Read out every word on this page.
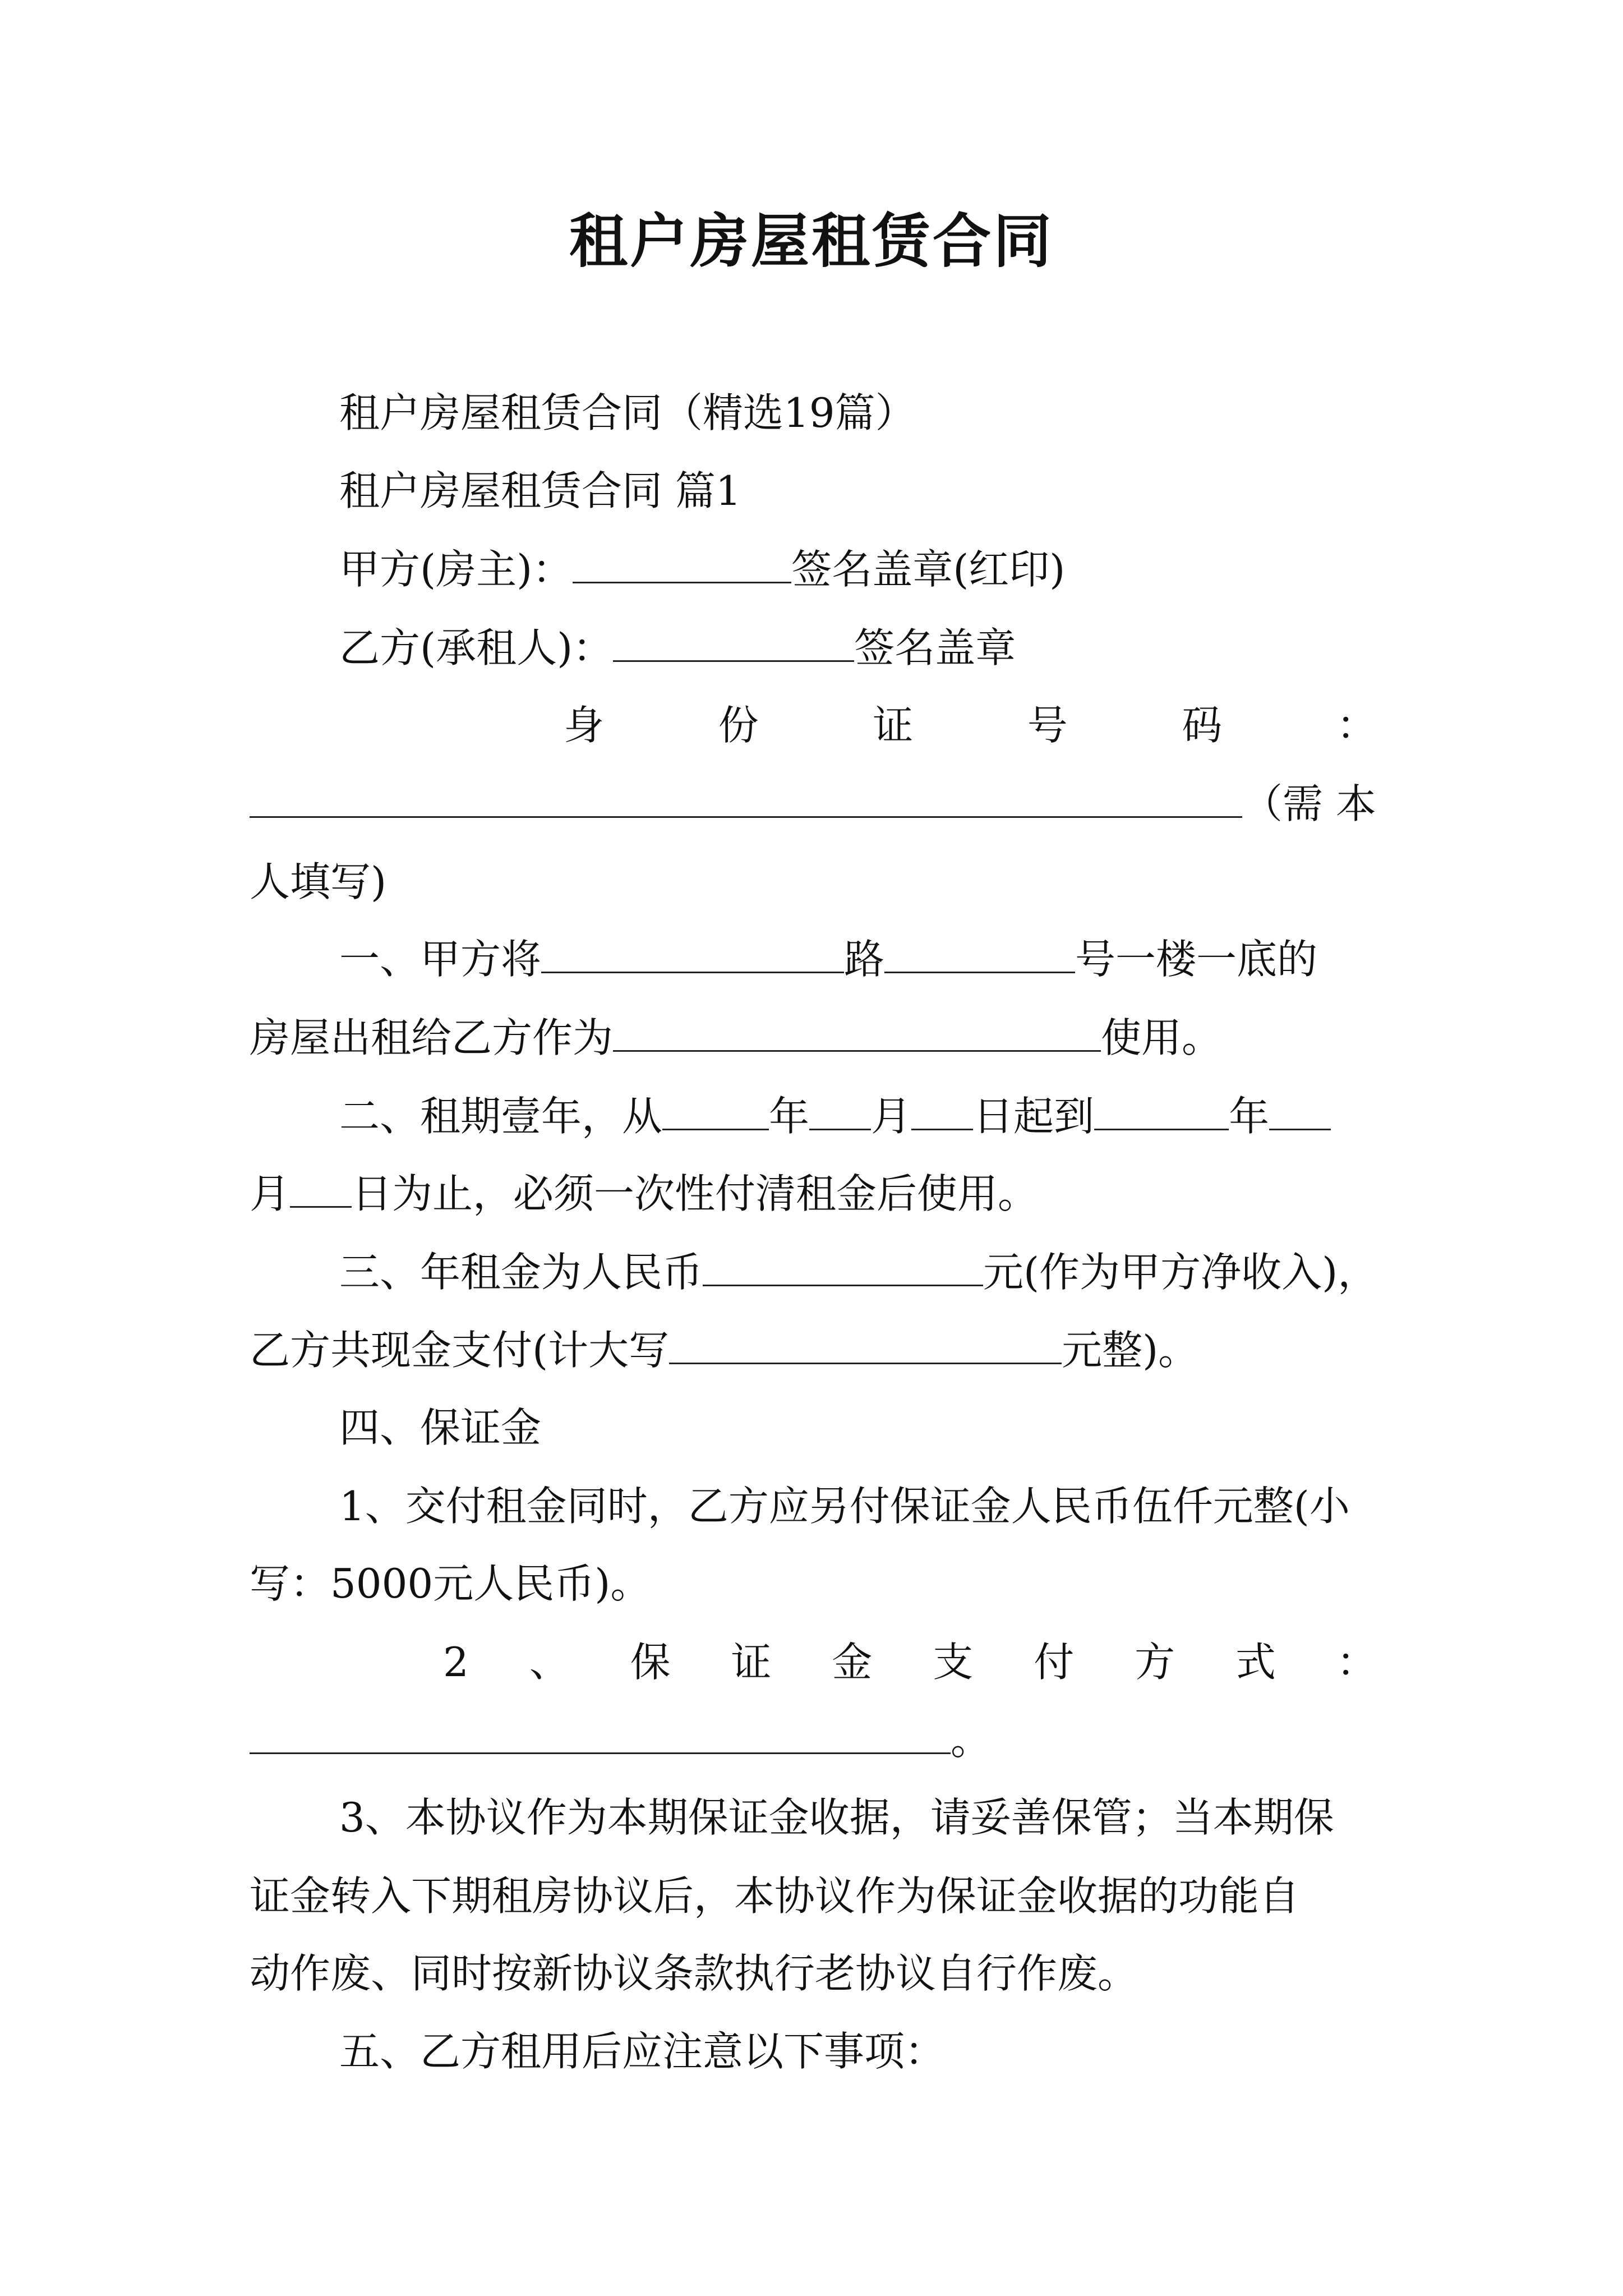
租户房屋租赁合同
租户房屋租赁合同（精选19篇）
租户房屋租赁合同 篇1
甲方(房主)：	签名盖章(红印)
乙方(承租人)：	签名盖章
身	份	证	号	码	：
（需 本
人填写)
一、甲方将	路	号一楼一底的
房屋出租给乙方作为	使用。
二、租期壹年，从	年 月 日起到	年
月 日为止，必须一次性付清租金后使用。
三、年租金为人民币	元(作为甲方净收入)，
乙方共现金支付(计大写	元整)。
四、保证金
1、交付租金同时，乙方应另付保证金人民币伍仟元整(小
写：5000元人民币)。
2 、 保 证 金 支 付 方 式 ：
。
3、本协议作为本期保证金收据，请妥善保管；当本期保
证金转入下期租房协议后，本协议作为保证金收据的功能自
动作废、同时按新协议条款执行老协议自行作废。
五、乙方租用后应注意以下事项：
